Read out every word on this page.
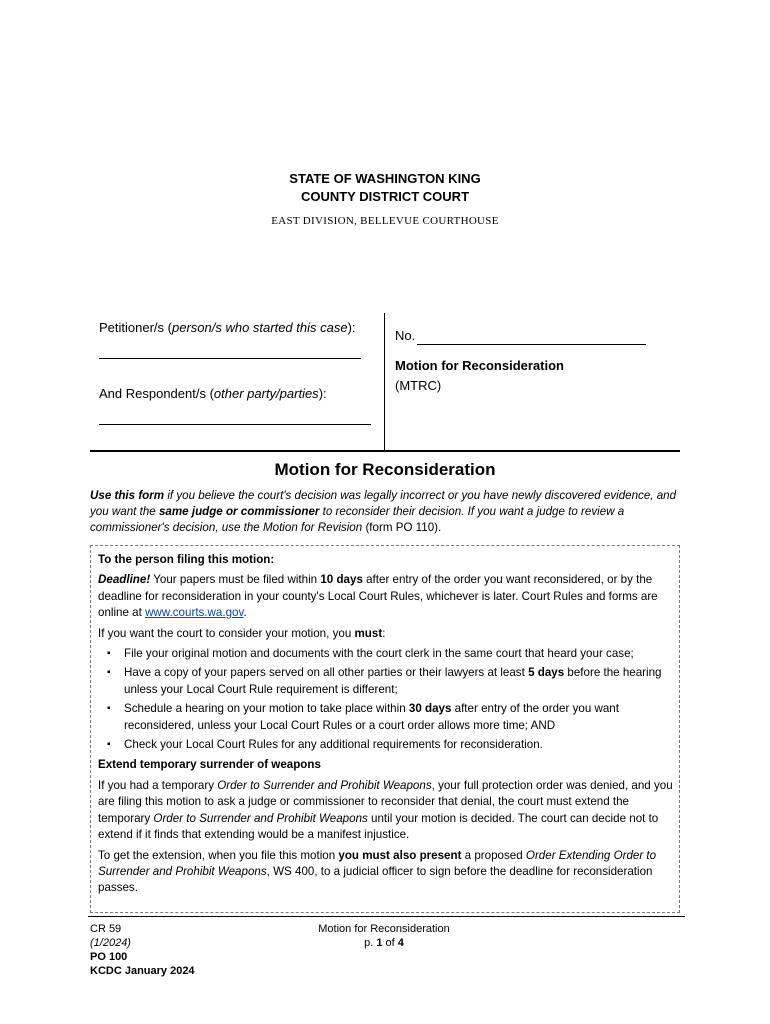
STATE OF WASHINGTON KING
COUNTY DISTRICT COURT
EAST DIVISION, BELLEVUE COURTHOUSE
Petitioner/s (person/s who started this case):
And Respondent/s (other party/parties):
No.
Motion for Reconsideration
(MTRC)
Motion for Reconsideration
Use this form if you believe the court's decision was legally incorrect or you have newly discovered evidence, and you want the same judge or commissioner to reconsider their decision. If you want a judge to review a commissioner's decision, use the Motion for Revision (form PO 110).

To the person filing this motion:

Deadline! Your papers must be filed within 10 days after entry of the order you want reconsidered, or by the deadline for reconsideration in your county's Local Court Rules, whichever is later. Court Rules and forms are online at www.courts.wa.gov.

If you want the court to consider your motion, you must:

▪ File your original motion and documents with the court clerk in the same court that heard your case;
▪ Have a copy of your papers served on all other parties or their lawyers at least 5 days before the hearing unless your Local Court Rule requirement is different;
▪ Schedule a hearing on your motion to take place within 30 days after entry of the order you want reconsidered, unless your Local Court Rules or a court order allows more time; AND
▪ Check your Local Court Rules for any additional requirements for reconsideration.

Extend temporary surrender of weapons

If you had a temporary Order to Surrender and Prohibit Weapons, your full protection order was denied, and you are filing this motion to ask a judge or commissioner to reconsider that denial, the court must extend the temporary Order to Surrender and Prohibit Weapons until your motion is decided. The court can decide not to extend if it finds that extending would be a manifest injustice.

To get the extension, when you file this motion you must also present a proposed Order Extending Order to Surrender and Prohibit Weapons, WS 400, to a judicial officer to sign before the deadline for reconsideration passes.

CR 59
(1/2024)
PO 100
KCDC January 2024
Motion for Reconsideration
p. 1 of 4
